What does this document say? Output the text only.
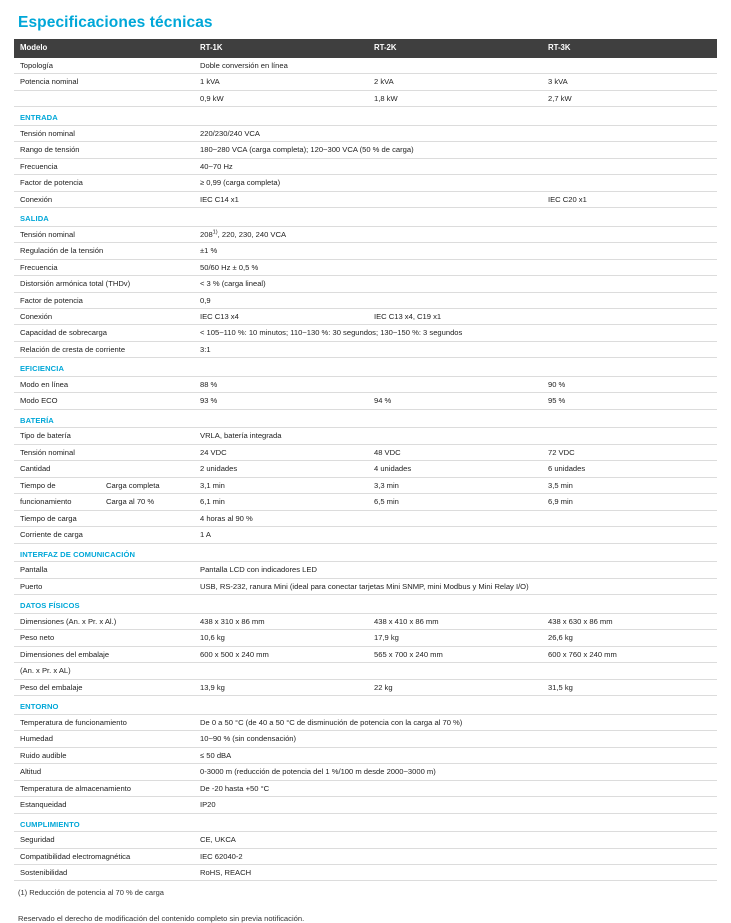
Especificaciones técnicas
Modelo	RT-1K	RT-2K	RT-3K
Topología	Doble conversión en línea		
Potencia nominal	1 kVA	2 kVA	3 kVA
	0,9 kW	1,8 kW	2,7 kW
ENTRADA			
Tensión nominal	220/230/240 VCA		
Rango de tensión	180~280 VCA (carga completa); 120~300 VCA (50 % de carga)		
Frecuencia	40~70 Hz		
Factor de potencia	≥ 0,99 (carga completa)		
Conexión	IEC C14 x1		IEC C20 x1
SALIDA			
Tensión nominal	208$^{1)}$, 220, 230, 240 VCA		
Regulación de la tensión	±1 %		
Frecuencia	50/60 Hz ± 0,5 %		
Distorsión armónica total (THDv)	< 3 % (carga lineal)		
Factor de potencia	0,9		
Conexión	IEC C13 x4	IEC C13 x4, C19 x1	
Capacidad de sobrecarga	< 105~110 %: 10 minutos; 110~130 %: 30 segundos; 130~150 %: 3 segundos		
Relación de cresta de corriente	3:1		
EFICIENCIA			
Modo en línea	88 %		90 %
Modo ECO	93 %	94 %	95 %
BATERÍA			
Tipo de batería	VRLA, batería integrada		
Tensión nominal	24 VDC	48 VDC	72 VDC
Cantidad	2 unidades	4 unidades	6 unidades

Tiempo de Carga completa	3,1 min	3,3 min	3,5 min

funcionamiento Carga al 70 %	6,1 min	6,5 min	6,9 min
Tiempo de carga	4 horas al 90 %		
Corriente de carga	1 A		
INTERFAZ DE COMUNICACIÓN			
Pantalla	Pantalla LCD con indicadores LED		
Puerto	USB, RS-232, ranura Mini (ideal para conectar tarjetas Mini SNMP, mini Modbus y Mini Relay I/O)		
DATOS FÍSICOS			
Dimensiones (An. x Pr. x Al.)	438 x 310 x 86 mm	438 x 410 x 86 mm	438 x 630 x 86 mm
Peso neto	10,6 kg	17,9 kg	26,6 kg
Dimensiones del embalaje	600 x 500 x 240 mm	565 x 700 x 240 mm	600 x 760 x 240 mm
(An. x Pr. x AL)			
Peso del embalaje	13,9 kg	22 kg	31,5 kg
ENTORNO			
Temperatura de funcionamiento	De 0 a 50 °C (de 40 a 50 °C de disminución de potencia con la carga al 70 %)		
Humedad	10~90 % (sin condensación)		
Ruido audible	≤ 50 dBA		
Altitud	0-3000 m (reducción de potencia del 1 %/100 m desde 2000~3000 m)		
Temperatura de almacenamiento	De -20 hasta +50 °C		
Estanqueidad	IP20		
CUMPLIMIENTO			
Seguridad	CE, UKCA		
Compatibilidad electromagnética	IEC 62040-2		
Sostenibilidad	RoHS, REACH		
(1) Reducción de potencia al 70 % de carga
Reservado el derecho de modificación del contenido completo sin previa notificación.
